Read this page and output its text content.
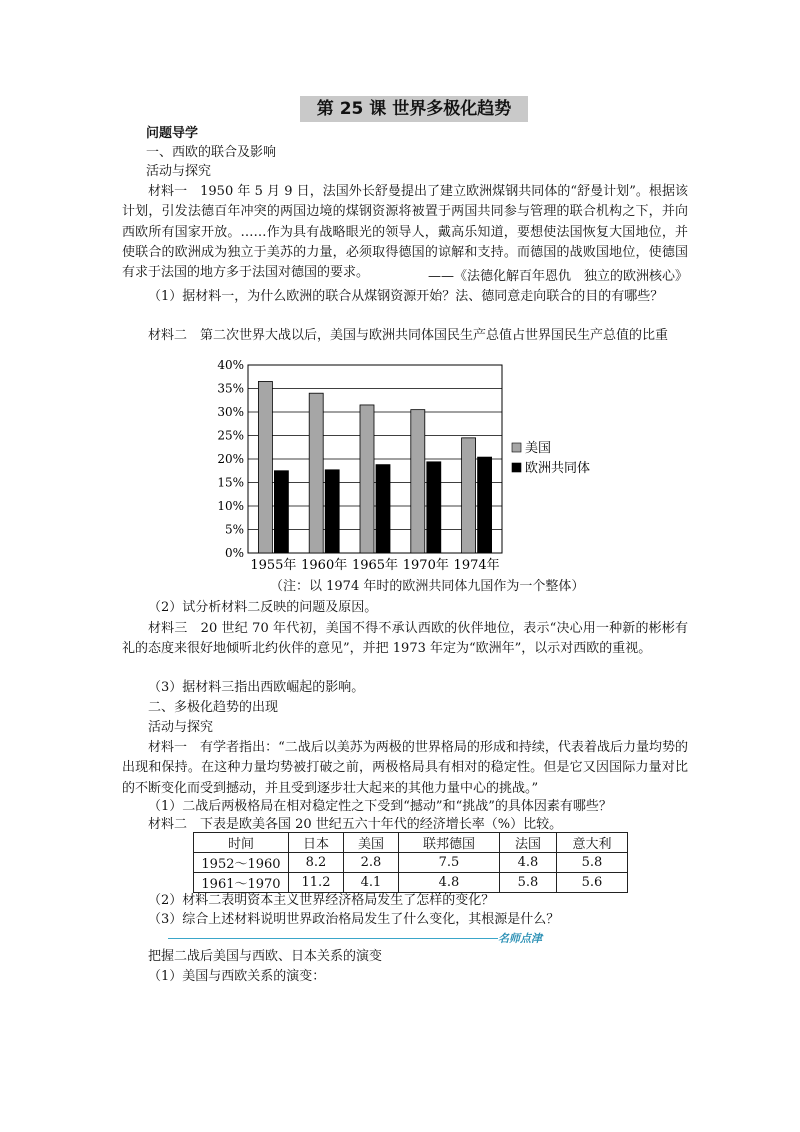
第 25 课 世界多极化趋势
问题导学
一、西欧的联合及影响
活动与探究
材料一　1950 年 5 月 9 日，法国外长舒曼提出了建立欧洲煤钢共同体的“舒曼计划”。根据该计划，引发法德百年冲突的两国边境的煤钢资源将被置于两国共同参与管理的联合机构之下，并向西欧所有国家开放。……作为具有战略眼光的领导人，戴高乐知道，要想使法国恢复大国地位，并使联合的欧洲成为独立于美苏的力量，必须取得德国的谅解和支持。而德国的战败国地位，使德国有求于法国的地方多于法国对德国的要求。	——《法德化解百年恩仇　独立的欧洲核心》
（1）据材料一，为什么欧洲的联合从煤钢资源开始？法、德同意走向联合的目的有哪些？
材料二　第二次世界大战以后，美国与欧洲共同体国民生产总值占世界国民生产总值的比重
0%
5%
10%
15%
20%
25%
30%
35%
40%
1955年 1960年 1965年 1970年 1974年
美国
欧洲共同体
（注：以 1974 年时的欧洲共同体九国作为一个整体）
（2）试分析材料二反映的问题及原因。
材料三　20 世纪 70 年代初，美国不得不承认西欧的伙伴地位，表示“决心用一种新的彬彬有礼的态度来很好地倾听北约伙伴的意见”，并把 1973 年定为“欧洲年”，以示对西欧的重视。
（3）据材料三指出西欧崛起的影响。
二、多极化趋势的出现
活动与探究
材料一　有学者指出：“二战后以美苏为两极的世界格局的形成和持续，代表着战后力量均势的出现和保持。在这种力量均势被打破之前，两极格局具有相对的稳定性。但是它又因国际力量对比的不断变化而受到撼动，并且受到逐步壮大起来的其他力量中心的挑战。”
（1）二战后两极格局在相对稳定性之下受到“撼动”和“挑战”的具体因素有哪些？
材料二　下表是欧美各国 20 世纪五六十年代的经济增长率（%）比较。
时间	日本	美国	联邦德国	法国	意大利
1952～1960	8.2	2.8	7.5	4.8	5.8
1961～1970	11.2	4.1	4.8	5.8	5.6
（2）材料二表明资本主义世界经济格局发生了怎样的变化？
（3）综合上述材料说明世界政治格局发生了什么变化，其根源是什么？
名师点津
把握二战后美国与西欧、日本关系的演变
（1）美国与西欧关系的演变：
